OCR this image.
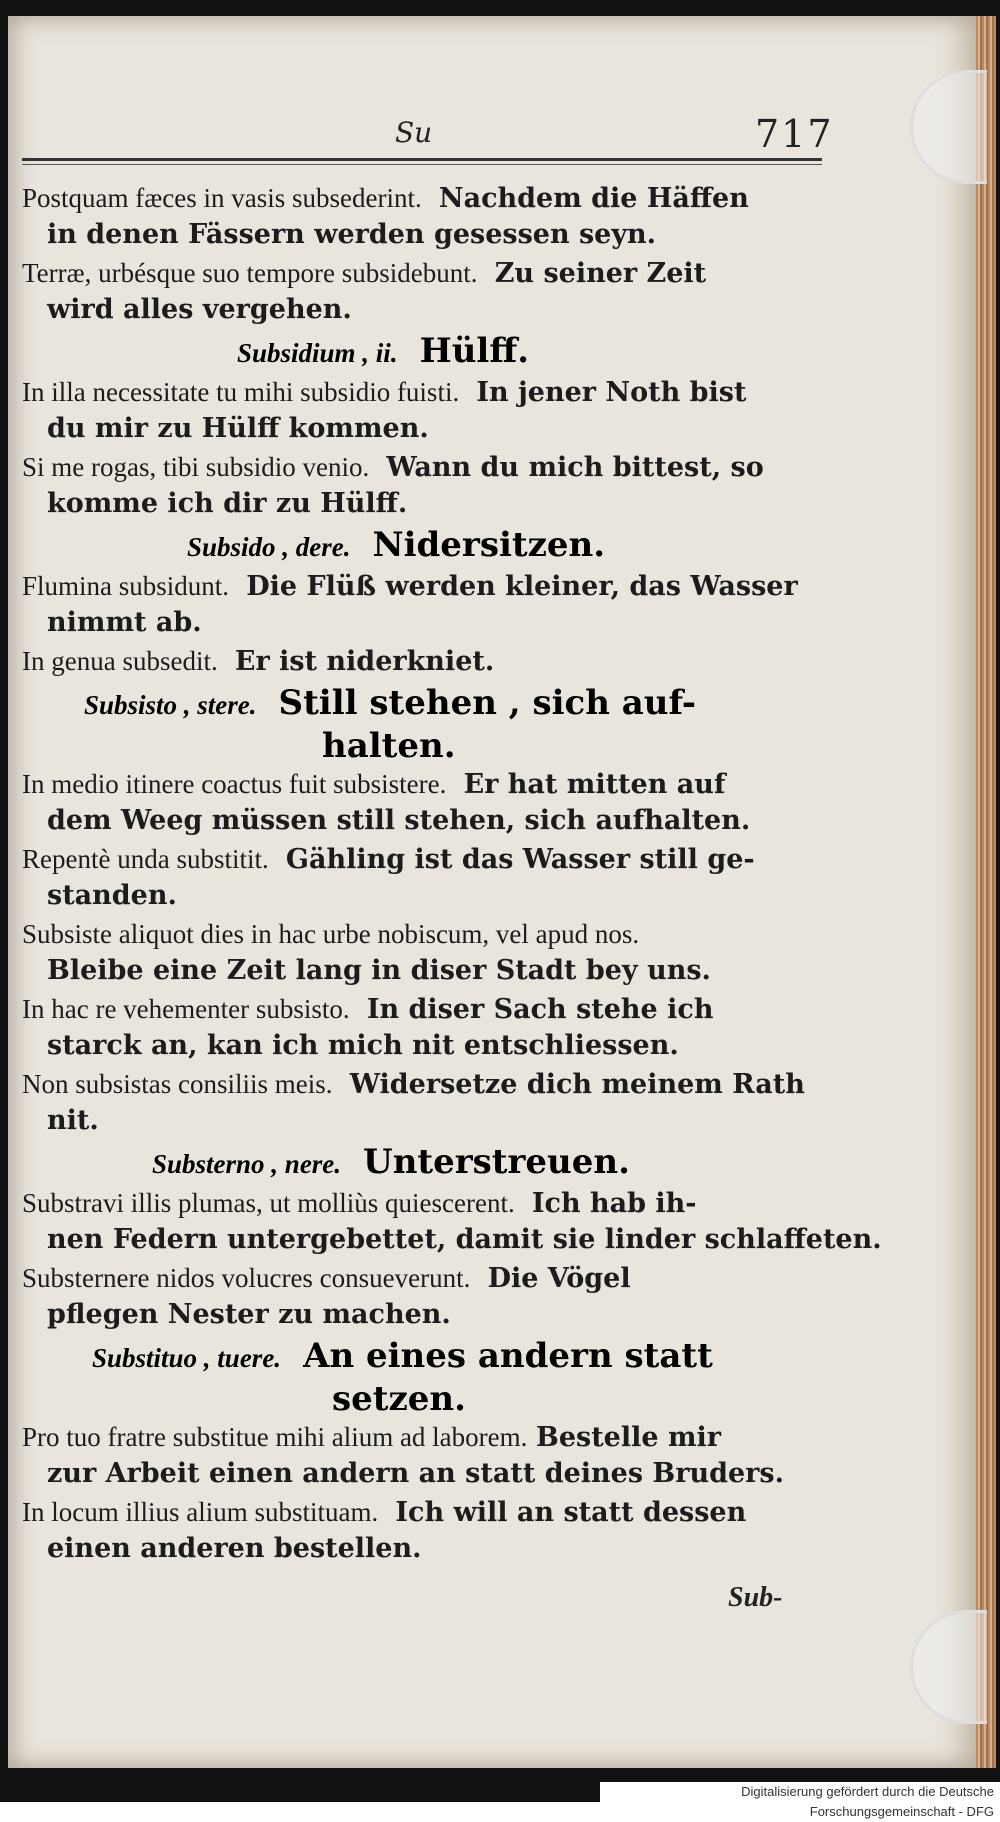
Su	717
Postquam fæces in vasis subsederint. Nachdem die Häffen
in denen Fässern werden gesessen seyn.
Terræ, urbésque suo tempore subsidebunt. Zu seiner Zeit
wird alles vergehen.
Subsidium , ii. Hülff.
In illa necessitate tu mihi subsidio fuisti. In jener Noth bist
du mir zu Hülff kommen.
Si me rogas, tibi subsidio venio. Wann du mich bittest, so
komme ich dir zu Hülff.
Subsido , dere. Nidersitzen.
Flumina subsidunt. Die Flüß werden kleiner, das Wasser
nimmt ab.
In genua subsedit. Er ist niderkniet.
Subsisto , stere. Still stehen , sich auf-
halten.
In medio itinere coactus fuit subsistere. Er hat mitten auf
dem Weeg müssen still stehen, sich aufhalten.
Repentè unda substitit. Gähling ist das Wasser still ge-
standen.
Subsiste aliquot dies in hac urbe nobiscum, vel apud nos.
Bleibe eine Zeit lang in diser Stadt bey uns.
In hac re vehementer subsisto. In diser Sach stehe ich
starck an, kan ich mich nit entschliessen.
Non subsistas consiliis meis. Widersetze dich meinem Rath
nit.
Substerno , nere. Unterstreuen.
Substravi illis plumas, ut molliùs quiescerent. Ich hab ih-
nen Federn untergebettet, damit sie linder schlaffeten.
Substernere nidos volucres consueverunt. Die Vögel
pflegen Nester zu machen.
Substituo , tuere. An eines andern statt
setzen.
Pro tuo fratre substitue mihi alium ad laborem. Bestelle mir
zur Arbeit einen andern an statt deines Bruders.
In locum illius alium substituam. Ich will an statt dessen
einen anderen bestellen.
Sub-
Digitalisierung gefördert durch die Deutsche Forschungsgemeinschaft - DFG
